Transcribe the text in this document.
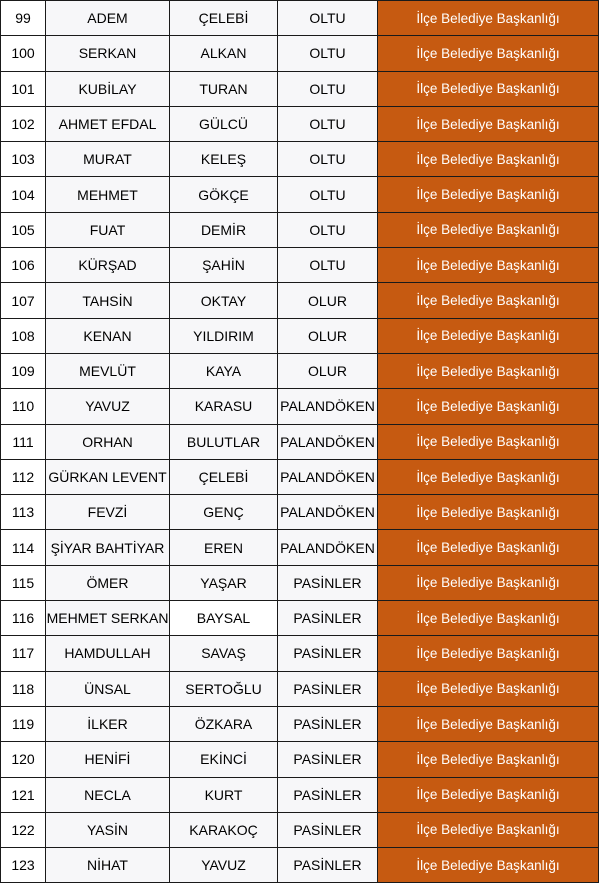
99	ADEM	ÇELEBİ	OLTU	İlçe Belediye Başkanlığı
100	SERKAN	ALKAN	OLTU	İlçe Belediye Başkanlığı
101	KUBİLAY	TURAN	OLTU	İlçe Belediye Başkanlığı
102	AHMET EFDAL	GÜLCÜ	OLTU	İlçe Belediye Başkanlığı
103	MURAT	KELEŞ	OLTU	İlçe Belediye Başkanlığı
104	MEHMET	GÖKÇE	OLTU	İlçe Belediye Başkanlığı
105	FUAT	DEMİR	OLTU	İlçe Belediye Başkanlığı
106	KÜRŞAD	ŞAHİN	OLTU	İlçe Belediye Başkanlığı
107	TAHSİN	OKTAY	OLUR	İlçe Belediye Başkanlığı
108	KENAN	YILDIRIM	OLUR	İlçe Belediye Başkanlığı
109	MEVLÜT	KAYA	OLUR	İlçe Belediye Başkanlığı
110	YAVUZ	KARASU	PALANDÖKEN	İlçe Belediye Başkanlığı
111	ORHAN	BULUTLAR	PALANDÖKEN	İlçe Belediye Başkanlığı
112	GÜRKAN LEVENT	ÇELEBİ	PALANDÖKEN	İlçe Belediye Başkanlığı
113	FEVZİ	GENÇ	PALANDÖKEN	İlçe Belediye Başkanlığı
114	ŞİYAR BAHTİYAR	EREN	PALANDÖKEN	İlçe Belediye Başkanlığı
115	ÖMER	YAŞAR	PASİNLER	İlçe Belediye Başkanlığı
116	MEHMET SERKAN	BAYSAL	PASİNLER	İlçe Belediye Başkanlığı
117	HAMDULLAH	SAVAŞ	PASİNLER	İlçe Belediye Başkanlığı
118	ÜNSAL	SERTOĞLU	PASİNLER	İlçe Belediye Başkanlığı
119	İLKER	ÖZKARA	PASİNLER	İlçe Belediye Başkanlığı
120	HENİFİ	EKİNCİ	PASİNLER	İlçe Belediye Başkanlığı
121	NECLA	KURT	PASİNLER	İlçe Belediye Başkanlığı
122	YASİN	KARAKOÇ	PASİNLER	İlçe Belediye Başkanlığı
123	NİHAT	YAVUZ	PASİNLER	İlçe Belediye Başkanlığı
